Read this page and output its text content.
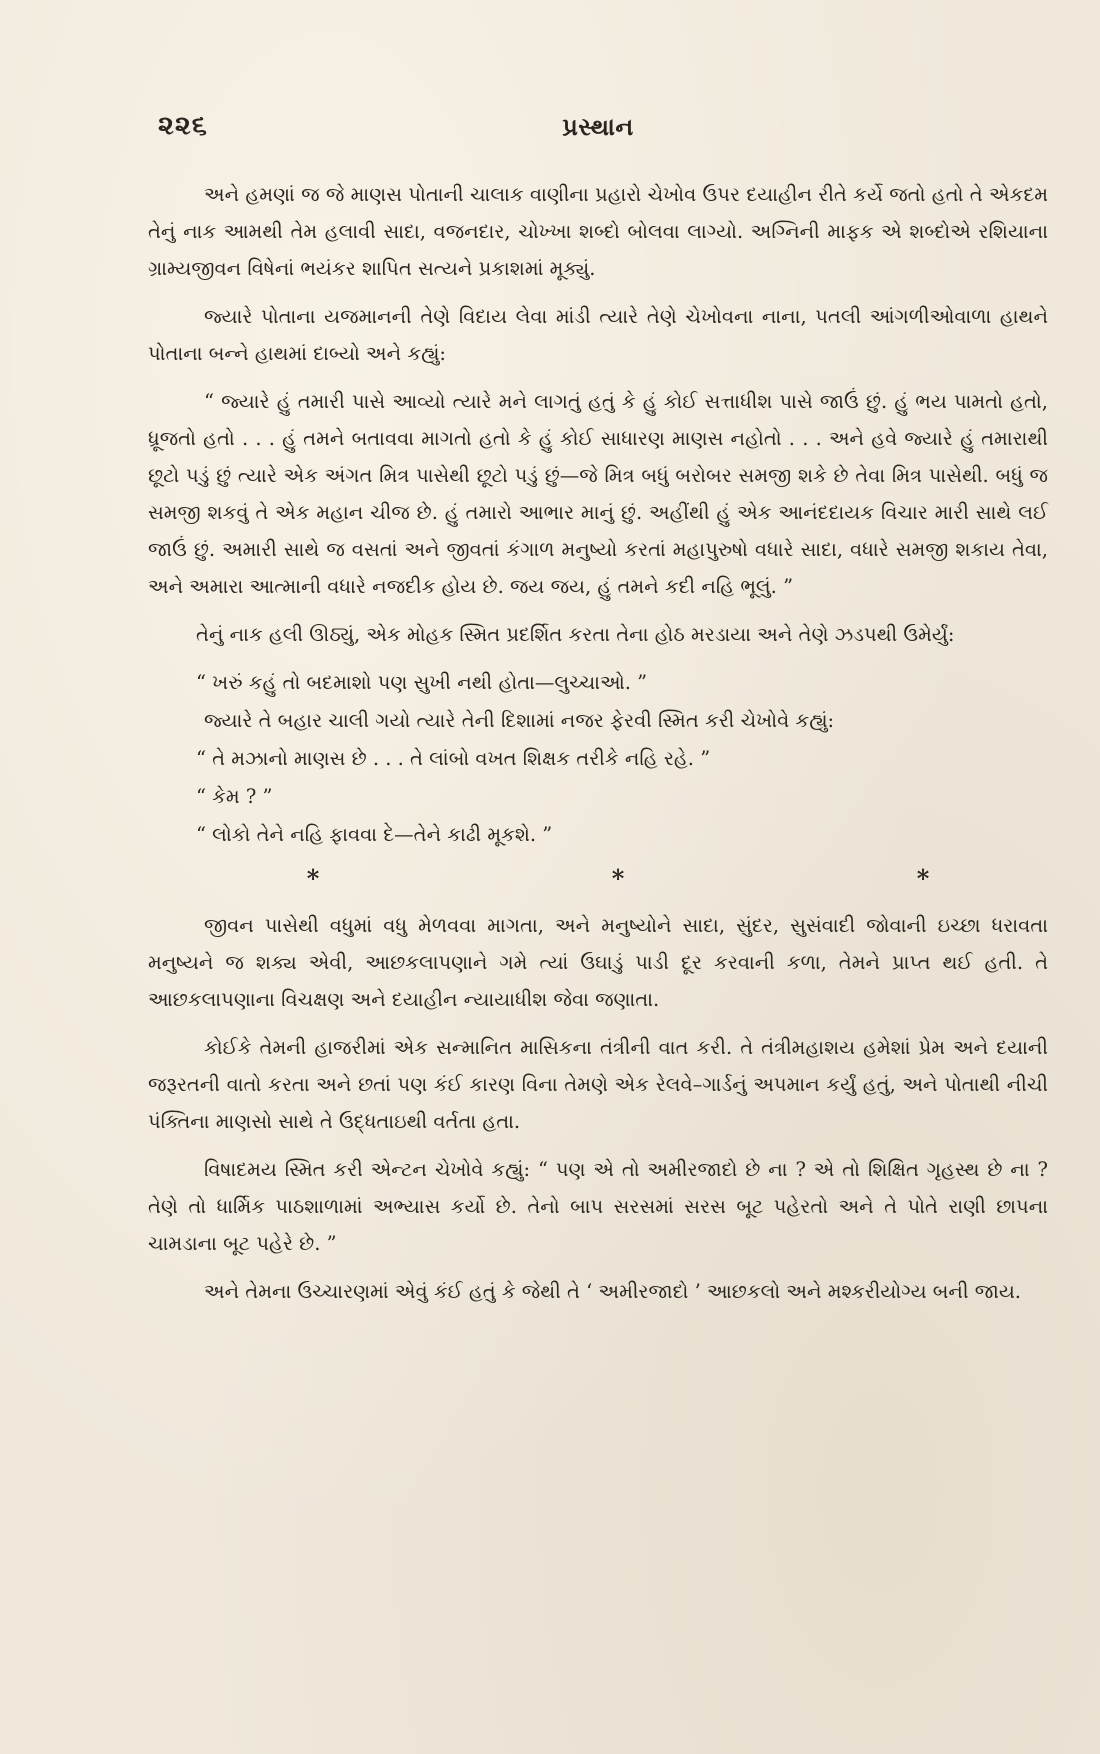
૨૨૬	પ્રસ્થાન

અને હમણાં જ જે માણસ પોતાની ચાલાક વાણીના પ્રહારો ચેખોવ ઉપર દયાહીન રીતે કર્યે જતો હતો તે એકદમ તેનું નાક આમથી તેમ હલાવી સાદા, વજનદાર, ચોખ્ખા શબ્દો બોલવા લાગ્યો. અગ્નિની માફક એ શબ્દોએ રશિયાના ગ્રામ્યજીવન વિષેનાં ભયંકર શાપિત સત્યને પ્રકાશમાં મૂક્યું.

જ્યારે પોતાના યજમાનની તેણે વિદાય લેવા માંડી ત્યારે તેણે ચેખોવના નાના, પતલી આંગળીઓવાળા હાથને પોતાના બન્ને હાથમાં દાબ્યો અને કહ્યું:

“ જ્યારે હું તમારી પાસે આવ્યો ત્યારે મને લાગતું હતું કે હું કોઈ સત્તાધીશ પાસે જાઉં છું. હું ભય પામતો હતો, ધ્રૂજતો હતો . . . હું તમને બતાવવા માગતો હતો કે હું કોઈ સાધારણ માણસ નહોતો . . . અને હવે જ્યારે હું તમારાથી છૂટો પડું છું ત્યારે એક અંગત મિત્ર પાસેથી છૂટો પડું છું—જે મિત્ર બધું બરોબર સમજી શકે છે તેવા મિત્ર પાસેથી. બધું જ સમજી શકવું તે એક મહાન ચીજ છે. હું તમારો આભાર માનું છું. અહીંથી હું એક આનંદદાયક વિચાર મારી સાથે લઈ જાઉં છું. અમારી સાથે જ વસતાં અને જીવતાં કંગાળ મનુષ્યો કરતાં મહાપુરુષો વધારે સાદા, વધારે સમજી શકાય તેવા, અને અમારા આત્માની વધારે નજદીક હોય છે. જય જય, હું તમને કદી નહિ ભૂલું. ”

તેનું નાક હલી ઊઠ્યું, એક મોહક સ્મિત પ્રદર્શિત કરતા તેના હોઠ મરડાયા અને તેણે ઝડપથી ઉમેર્યું:

“ ખરું કહું તો બદમાશો પણ સુખી નથી હોતા—લુચ્ચાઓ. ”

જ્યારે તે બહાર ચાલી ગયો ત્યારે તેની દિશામાં નજર ફેરવી સ્મિત કરી ચેખોવે કહ્યું:

“ તે મઝાનો માણસ છે . . . તે લાંબો વખત શિક્ષક તરીકે નહિ રહે. ”

“ કેમ ? ”

“ લોકો તેને નહિ ફાવવા દે—તેને કાઢી મૂકશે. ”

*	*	*

જીવન પાસેથી વધુમાં વધુ મેળવવા માગતા, અને મનુષ્યોને સાદા, સુંદર, સુસંવાદી જોવાની ઇચ્છા ધરાવતા મનુષ્યને જ શક્ય એવી, આછકલાપણાને ગમે ત્યાં ઉઘાડું પાડી દૂર કરવાની કળા, તેમને પ્રાપ્ત થઈ હતી. તે આછકલાપણાના વિચક્ષણ અને દયાહીન ન્યાયાધીશ જેવા જણાતા.

કોઈકે તેમની હાજરીમાં એક સન્માનિત માસિકના તંત્રીની વાત કરી. તે તંત્રીમહાશય હમેશાં પ્રેમ અને દયાની જરૂરતની વાતો કરતા અને છતાં પણ કંઈ કારણ વિના તેમણે એક રેલવે–ગાર્ડનું અપમાન કર્યું હતું, અને પોતાથી નીચી પંક્તિના માણસો સાથે તે ઉદ્ધતાઇથી વર્તતા હતા.

વિષાદમય સ્મિત કરી એન્ટન ચેખોવે કહ્યું: “ પણ એ તો અમીરજાદો છે ના ? એ તો શિક્ષિત ગૃહસ્થ છે ના ? તેણે તો ધાર્મિક પાઠશાળામાં અભ્યાસ કર્યો છે. તેનો બાપ સરસમાં સરસ બૂટ પહેરતો અને તે પોતે રાણી છાપના ચામડાના બૂટ પહેરે છે. ”

અને તેમના ઉચ્ચારણમાં એવું કંઈ હતું કે જેથી તે ‘ અમીરજાદો ’ આછકલો અને મશ્કરીયોગ્ય બની જાય.
